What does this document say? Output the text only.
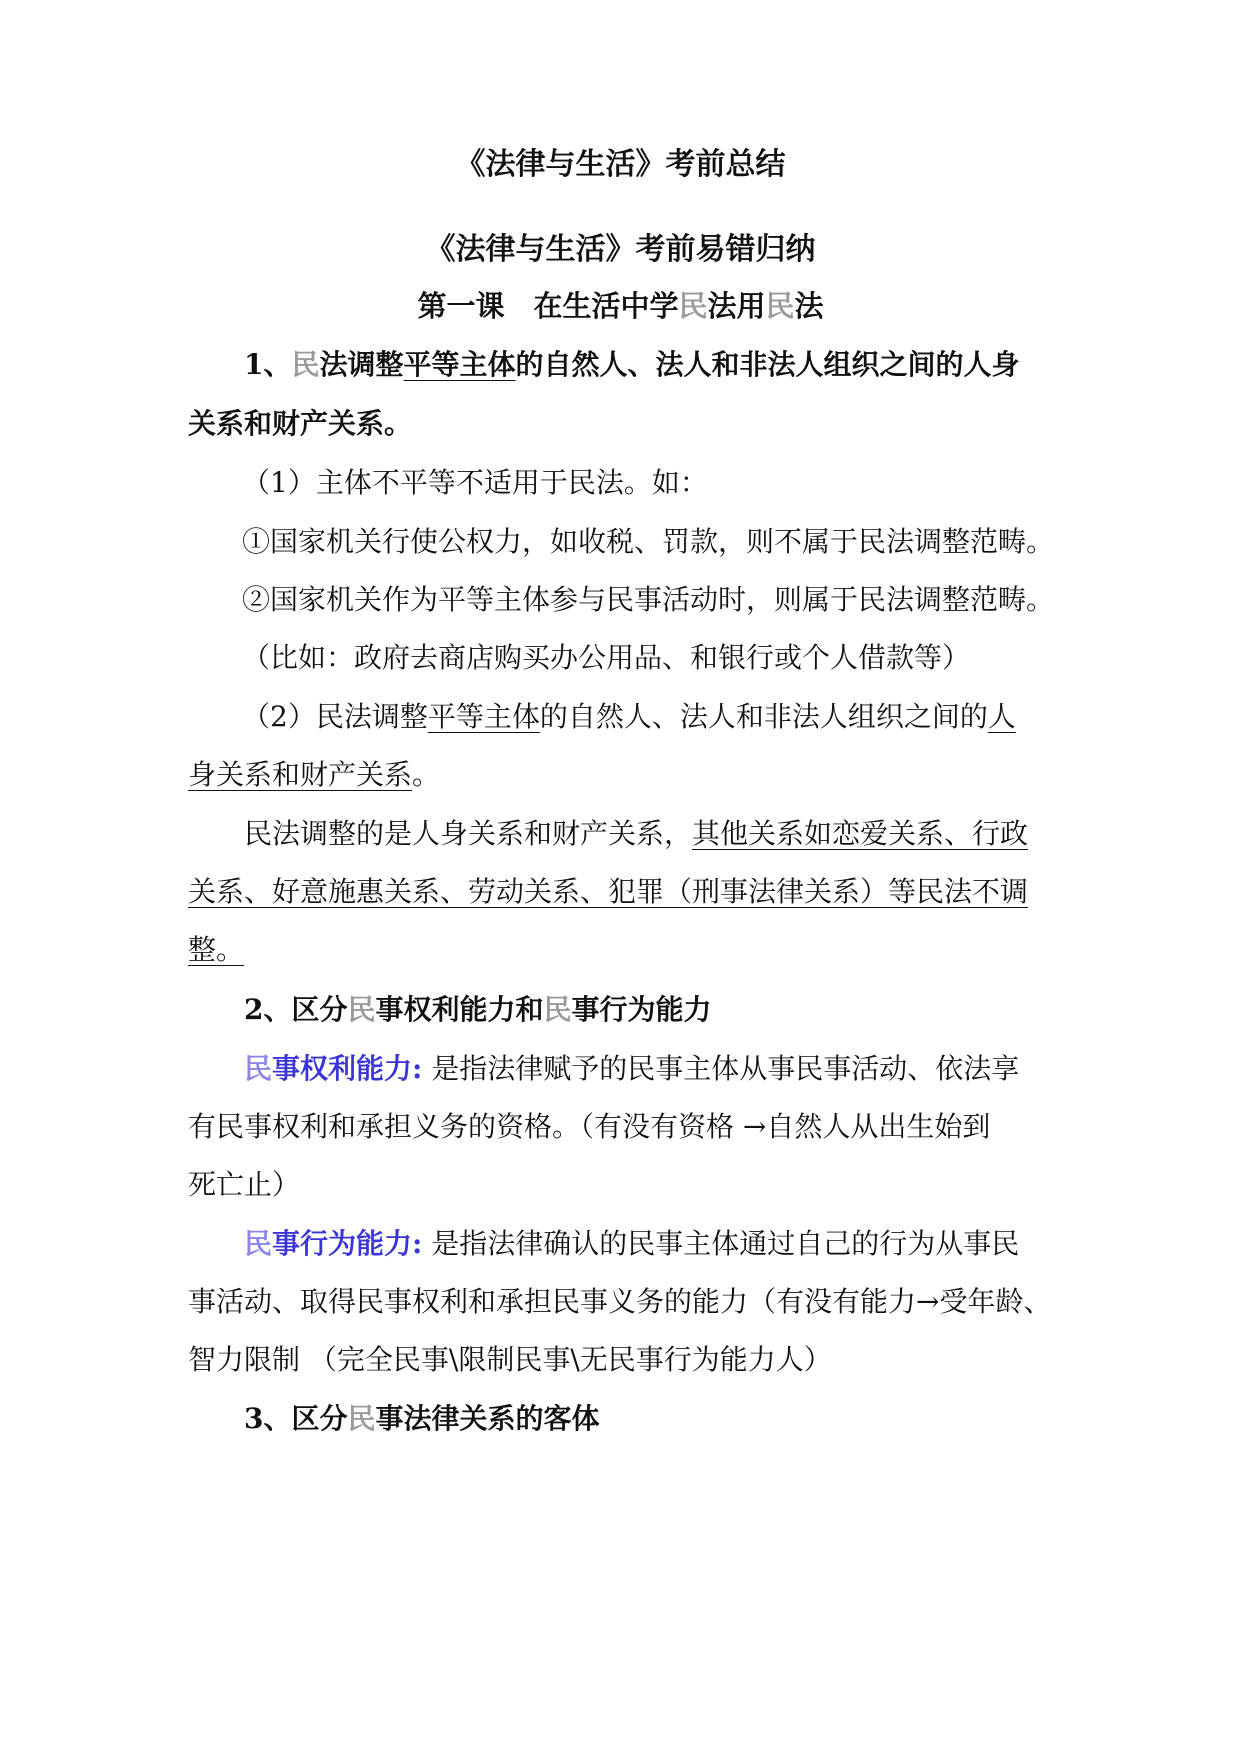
《法律与生活》考前总结
《法律与生活》考前易错归纳
第一课　在生活中学民法用民法
1、民法调整平等主体的自然人、法人和非法人组织之间的人身
关系和财产关系。
（1）主体不平等不适用于民法。如：
①国家机关行使公权力，如收税、罚款，则不属于民法调整范畴。
②国家机关作为平等主体参与民事活动时，则属于民法调整范畴。
（比如：政府去商店购买办公用品、和银行或个人借款等）
（2）民法调整平等主体的自然人、法人和非法人组织之间的人
身关系和财产关系。
民法调整的是人身关系和财产关系，其他关系如恋爱关系、行政
关系、好意施惠关系、劳动关系、犯罪（刑事法律关系）等民法不调
整。
2、区分民事权利能力和民事行为能力
民事权利能力: 是指法律赋予的民事主体从事民事活动、依法享
有民事权利和承担义务的资格。（有没有资格 →自然人从出生始到
死亡止）
民事行为能力: 是指法律确认的民事主体通过自己的行为从事民
事活动、取得民事权利和承担民事义务的能力（有没有能力→受年龄、
智力限制 （完全民事\限制民事\无民事行为能力人）
3、区分民事法律关系的客体
